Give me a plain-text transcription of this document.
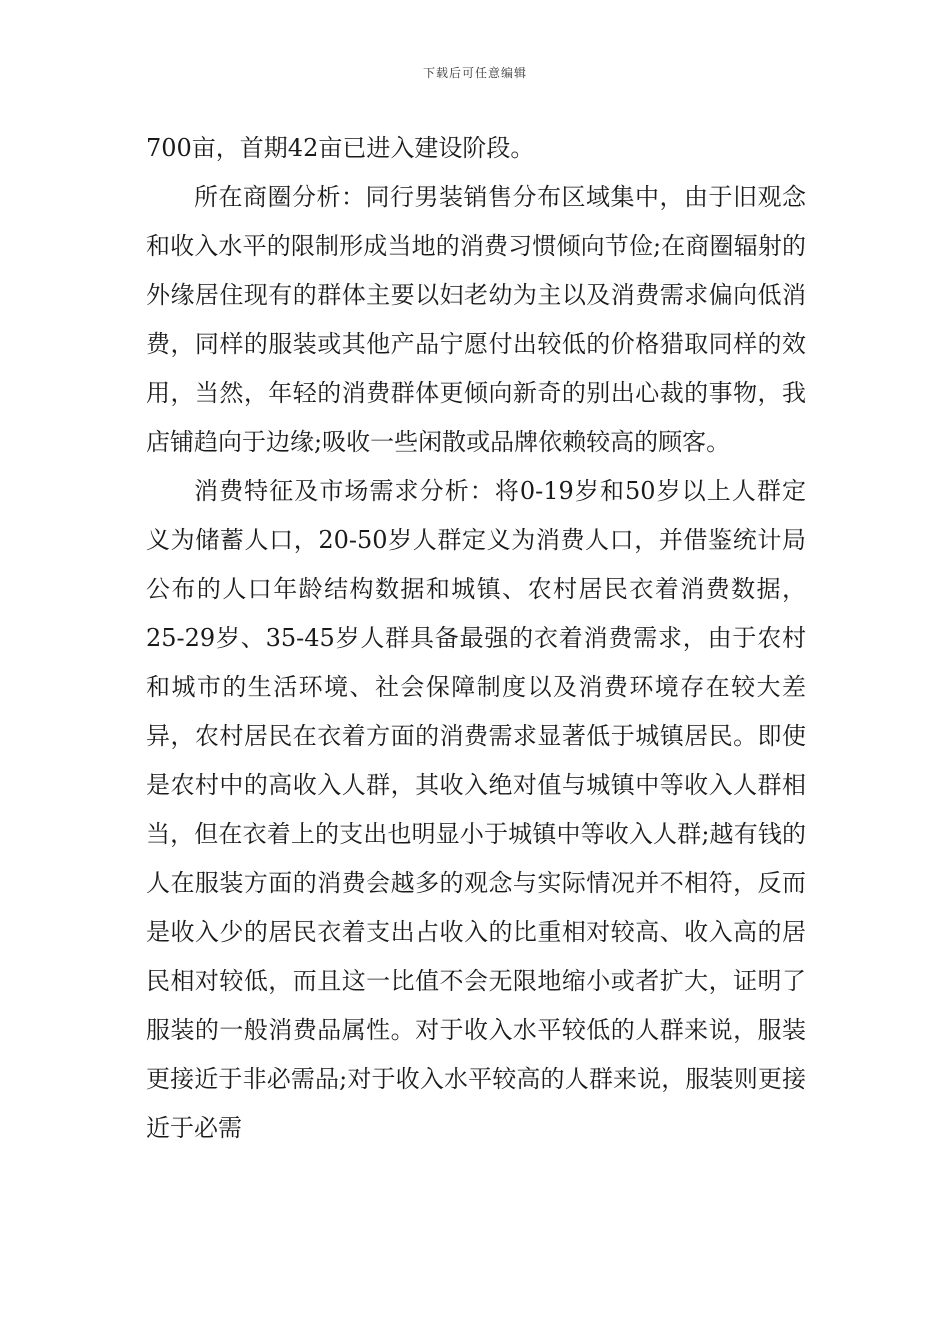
下载后可任意编辑

700亩，首期42亩已进入建设阶段。

所在商圈分析：同行男装销售分布区域集中，由于旧观念和收入水平的限制形成当地的消费习惯倾向节俭;在商圈辐射的外缘居住现有的群体主要以妇老幼为主以及消费需求偏向低消费，同样的服装或其他产品宁愿付出较低的价格猎取同样的效用，当然，年轻的消费群体更倾向新奇的别出心裁的事物，我店铺趋向于边缘;吸收一些闲散或品牌依赖较高的顾客。

消费特征及市场需求分析：将0-19岁和50岁以上人群定义为储蓄人口，20-50岁人群定义为消费人口，并借鉴统计局公布的人口年龄结构数据和城镇、农村居民衣着消费数据，25-29岁、35-45岁人群具备最强的衣着消费需求，由于农村和城市的生活环境、社会保障制度以及消费环境存在较大差异，农村居民在衣着方面的消费需求显著低于城镇居民。即使是农村中的高收入人群，其收入绝对值与城镇中等收入人群相当，但在衣着上的支出也明显小于城镇中等收入人群;越有钱的人在服装方面的消费会越多的观念与实际情况并不相符，反而是收入少的居民衣着支出占收入的比重相对较高、收入高的居民相对较低，而且这一比值不会无限地缩小或者扩大，证明了服装的一般消费品属性。对于收入水平较低的人群来说，服装更接近于非必需品;对于收入水平较高的人群来说，服装则更接近于必需
